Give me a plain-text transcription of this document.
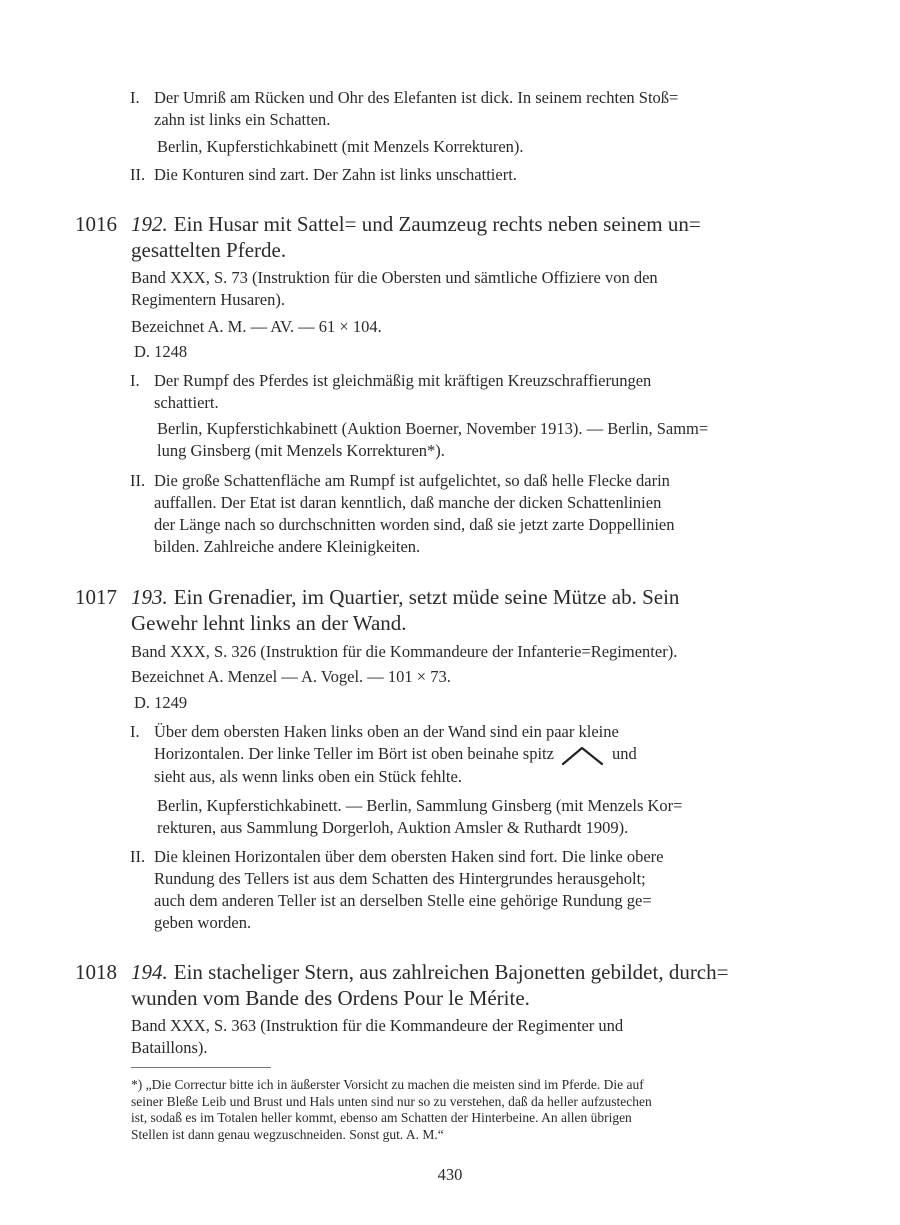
I. Der Umriß am Rücken und Ohr des Elefanten ist dick. In seinem rechten Stoß=
zahn ist links ein Schatten.
Berlin, Kupferstichkabinett (mit Menzels Korrekturen).
II. Die Konturen sind zart. Der Zahn ist links unschattiert.
1016 192. Ein Husar mit Sattel= und Zaumzeug rechts neben seinem un=
gesattelten Pferde.
Band XXX, S. 73 (Instruktion für die Obersten und sämtliche Offiziere von den
Regimentern Husaren).
Bezeichnet A. M. — AV. — 61 × 104.
D. 1248
I. Der Rumpf des Pferdes ist gleichmäßig mit kräftigen Kreuzschraffierungen
schattiert.
Berlin, Kupferstichkabinett (Auktion Boerner, November 1913). — Berlin, Samm=
lung Ginsberg (mit Menzels Korrekturen*).
II. Die große Schattenfläche am Rumpf ist aufgelichtet, so daß helle Flecke darin
auffallen. Der Etat ist daran kenntlich, daß manche der dicken Schattenlinien
der Länge nach so durchschnitten worden sind, daß sie jetzt zarte Doppellinien
bilden. Zahlreiche andere Kleinigkeiten.
1017 193. Ein Grenadier, im Quartier, setzt müde seine Mütze ab. Sein
Gewehr lehnt links an der Wand.
Band XXX, S. 326 (Instruktion für die Kommandeure der Infanterie=Regimenter).
Bezeichnet A. Menzel — A. Vogel. — 101 × 73.
D. 1249
I. Über dem obersten Haken links oben an der Wand sind ein paar kleine
Horizontalen. Der linke Teller im Bört ist oben beinahe spitz	und
sieht aus, als wenn links oben ein Stück fehlte.
Berlin, Kupferstichkabinett. — Berlin, Sammlung Ginsberg (mit Menzels Kor=
rekturen, aus Sammlung Dorgerloh, Auktion Amsler & Ruthardt 1909).
II. Die kleinen Horizontalen über dem obersten Haken sind fort. Die linke obere
Rundung des Tellers ist aus dem Schatten des Hintergrundes herausgeholt;
auch dem anderen Teller ist an derselben Stelle eine gehörige Rundung ge=
geben worden.
1018 194. Ein stacheliger Stern, aus zahlreichen Bajonetten gebildet, durch=
wunden vom Bande des Ordens Pour le Mérite.
Band XXX, S. 363 (Instruktion für die Kommandeure der Regimenter und
Bataillons).
*) „Die Correctur bitte ich in äußerster Vorsicht zu machen die meisten sind im Pferde. Die auf
seiner Bleße Leib und Brust und Hals unten sind nur so zu verstehen, daß da heller aufzustechen
ist, sodaß es im Totalen heller kommt, ebenso am Schatten der Hinterbeine. An allen übrigen
Stellen ist dann genau wegzuschneiden. Sonst gut. A. M.“
430
